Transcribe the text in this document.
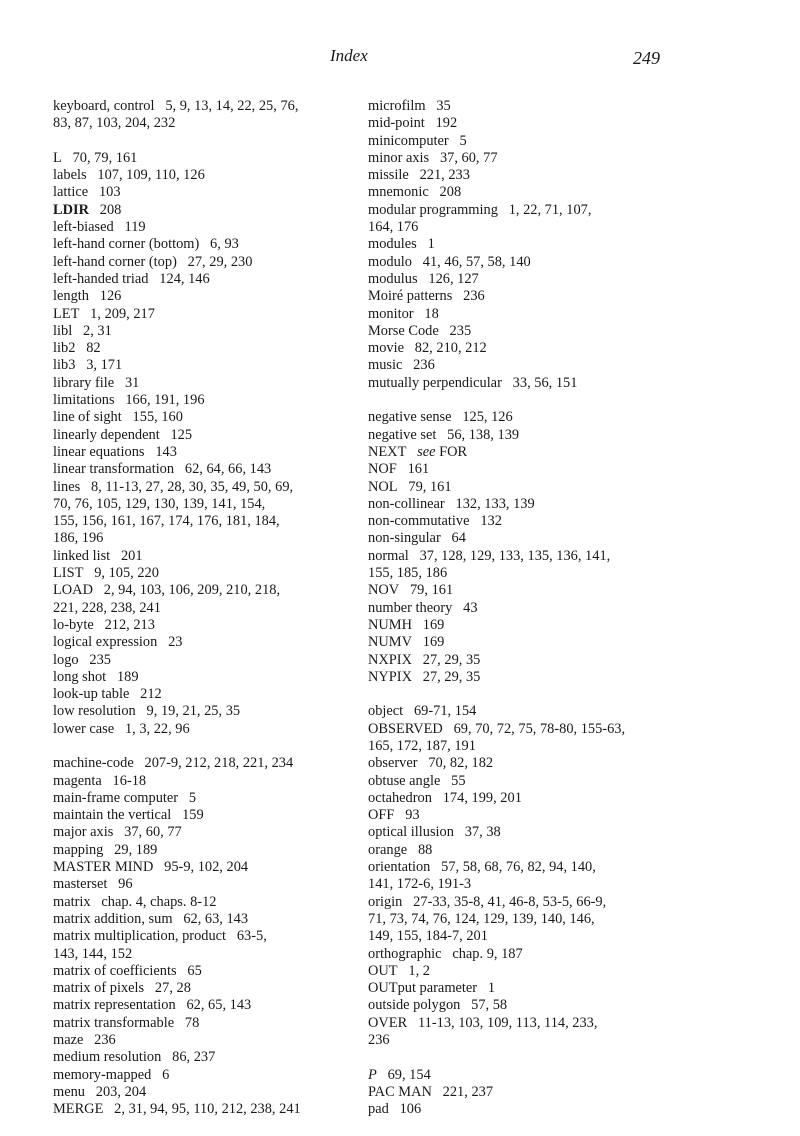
Index	249
keyboard, control  5, 9, 13, 14, 22, 25, 76,
83, 87, 103, 204, 232
L  70, 79, 161
labels  107, 109, 110, 126
lattice  103
LDIR  208
left-biased  119
left-hand corner (bottom)  6, 93
left-hand corner (top)  27, 29, 230
left-handed triad  124, 146
length  126
LET  1, 209, 217
libl  2, 31
lib2  82
lib3  3, 171
library file  31
limitations  166, 191, 196
line of sight  155, 160
linearly dependent  125
linear equations  143
linear transformation  62, 64, 66, 143
lines  8, 11-13, 27, 28, 30, 35, 49, 50, 69,
70, 76, 105, 129, 130, 139, 141, 154,
155, 156, 161, 167, 174, 176, 181, 184,
186, 196
linked list  201
LIST  9, 105, 220
LOAD  2, 94, 103, 106, 209, 210, 218,
221, 228, 238, 241
lo-byte  212, 213
logical expression  23
logo  235
long shot  189
look-up table  212
low resolution  9, 19, 21, 25, 35
lower case  1, 3, 22, 96
machine-code  207-9, 212, 218, 221, 234
magenta  16-18
main-frame computer  5
maintain the vertical  159
major axis  37, 60, 77
mapping  29, 189
MASTER MIND  95-9, 102, 204
masterset  96
matrix  chap. 4, chaps. 8-12
matrix addition, sum  62, 63, 143
matrix multiplication, product  63-5,
143, 144, 152
matrix of coefficients  65
matrix of pixels  27, 28
matrix representation  62, 65, 143
matrix transformable  78
maze  236
medium resolution  86, 237
memory-mapped  6
menu  203, 204
MERGE  2, 31, 94, 95, 110, 212, 238, 241
microfilm  35
mid-point  192
minicomputer  5
minor axis  37, 60, 77
missile  221, 233
mnemonic  208
modular programming  1, 22, 71, 107,
164, 176
modules  1
modulo  41, 46, 57, 58, 140
modulus  126, 127
Moiré patterns  236
monitor  18
Morse Code  235
movie  82, 210, 212
music  236
mutually perpendicular  33, 56, 151
negative sense  125, 126
negative set  56, 138, 139
NEXT  see FOR
NOF  161
NOL  79, 161
non-collinear  132, 133, 139
non-commutative  132
non-singular  64
normal  37, 128, 129, 133, 135, 136, 141,
155, 185, 186
NOV  79, 161
number theory  43
NUMH  169
NUMV  169
NXPIX  27, 29, 35
NYPIX  27, 29, 35
object  69-71, 154
OBSERVED  69, 70, 72, 75, 78-80, 155-63,
165, 172, 187, 191
observer  70, 82, 182
obtuse angle  55
octahedron  174, 199, 201
OFF  93
optical illusion  37, 38
orange  88
orientation  57, 58, 68, 76, 82, 94, 140,
141, 172-6, 191-3
origin  27-33, 35-8, 41, 46-8, 53-5, 66-9,
71, 73, 74, 76, 124, 129, 139, 140, 146,
149, 155, 184-7, 201
orthographic  chap. 9, 187
OUT  1, 2
OUTput parameter  1
outside polygon  57, 58
OVER  11-13, 103, 109, 113, 114, 233,
236
P  69, 154
PAC MAN  221, 237
pad  106
